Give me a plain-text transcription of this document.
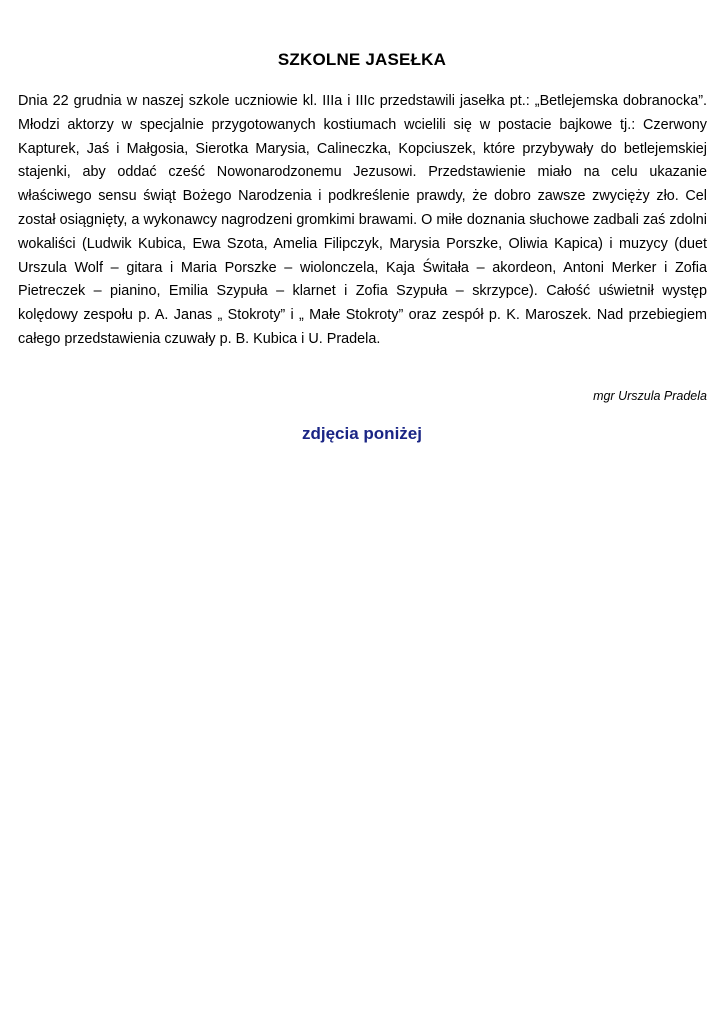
SZKOLNE JASEŁKA
Dnia 22 grudnia w naszej szkole uczniowie kl. IIIa i IIIc przedstawili jasełka pt.: „Betlejemska dobranocka”. Młodzi aktorzy w specjalnie przygotowanych kostiumach wcielili się w postacie bajkowe tj.: Czerwony Kapturek, Jaś i Małgosia, Sierotka Marysia, Calineczka, Kopciuszek, które przybywały do betlejemskiej stajenki, aby oddać cześć Nowonarodzonemu Jezusowi. Przedstawienie miało na celu ukazanie właściwego sensu świąt Bożego Narodzenia i podkreślenie prawdy, że dobro zawsze zwycięży zło. Cel został osiągnięty, a wykonawcy nagrodzeni gromkimi brawami. O miłe doznania słuchowe zadbali zaś zdolni wokaliści (Ludwik Kubica, Ewa Szota, Amelia Filipczyk, Marysia Porszke, Oliwia Kapica) i muzycy (duet Urszula Wolf – gitara i Maria Porszke – wiolonczela, Kaja Świtała – akordeon, Antoni Merker i Zofia Pietreczek – pianino, Emilia Szypuła – klarnet i Zofia Szypuła – skrzypce). Całość uświetnił występ kolędowy zespołu p. A. Janas „ Stokroty” i „ Małe Stokroty” oraz zespół p. K. Maroszek. Nad przebiegiem całego przedstawienia czuwały p. B. Kubica i U. Pradela.
mgr Urszula Pradela
zdjęcia poniżej
